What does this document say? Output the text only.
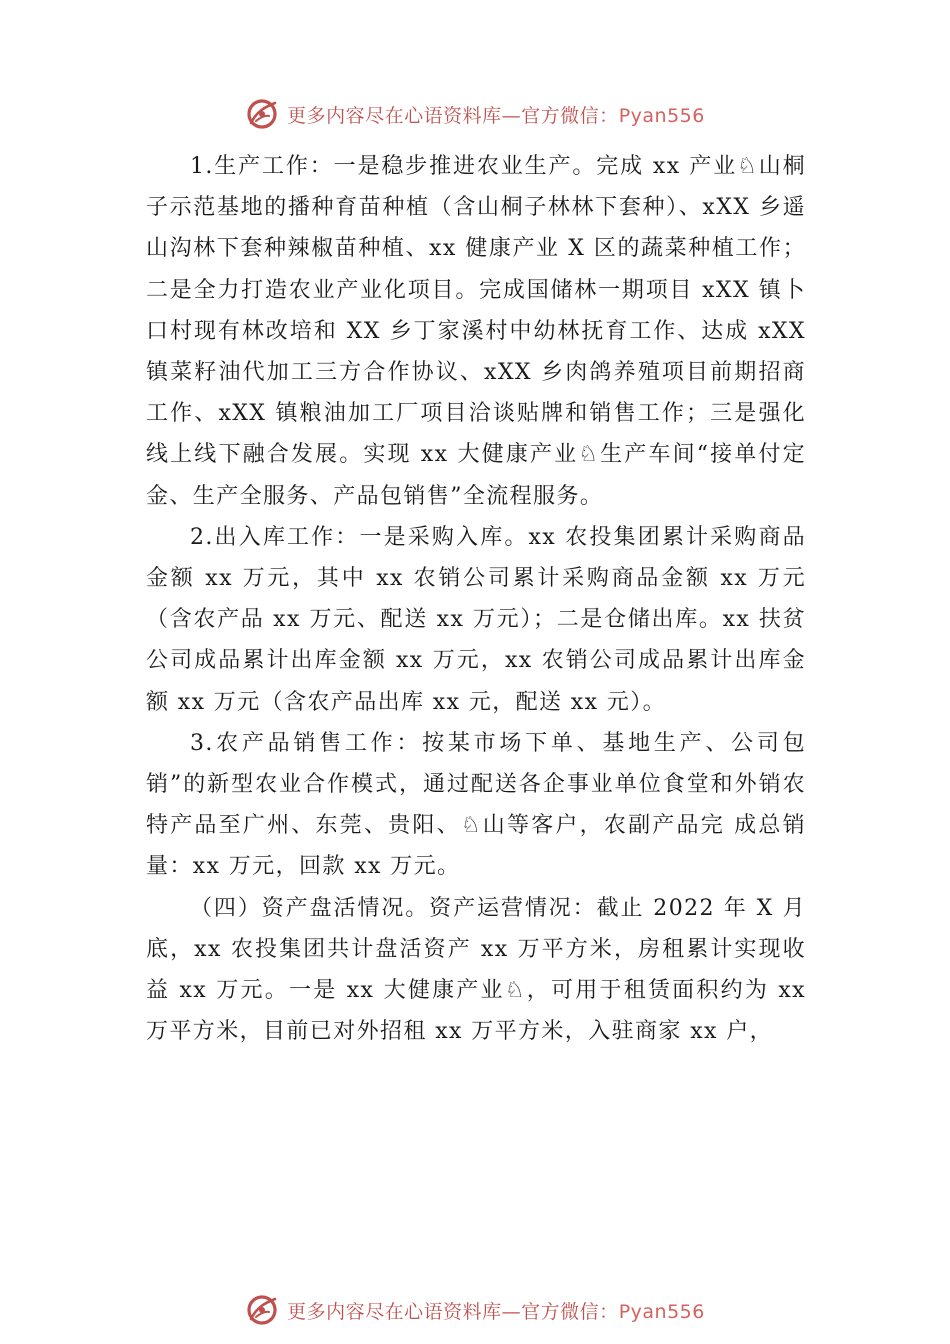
更多内容尽在心语资料库—官方微信：Pyan556

1.生产工作：一是稳步推进农业生产。完成 xx 产业♘山桐子示范基地的播种育苗种植（含山桐子林林下套种）、xXX 乡遥山沟林下套种辣椒苗种植、xx 健康产业 X 区的蔬菜种植工作；二是全力打造农业产业化项目。完成国储林一期项目 xXX 镇卜口村现有林改培和 XX 乡丁家溪村中幼林抚育工作、达成 xXX 镇菜籽油代加工三方合作协议、xXX 乡肉鸽养殖项目前期招商工作、xXX 镇粮油加工厂项目洽谈贴牌和销售工作；三是强化线上线下融合发展。实现 xx 大健康产业♘生产车间“接单付定金、生产全服务、产品包销售”全流程服务。

2.出入库工作：一是采购入库。xx 农投集团累计采购商品金额 xx 万元，其中 xx 农销公司累计采购商品金额 xx 万元（含农产品 xx 万元、配送 xx 万元）；二是仓储出库。xx 扶贫公司成品累计出库金额 xx 万元，xx 农销公司成品累计出库金额 xx 万元（含农产品出库 xx 元，配送 xx 元）。

3.农产品销售工作：按某市场下单、基地生产、公司包销”的新型农业合作模式，通过配送各企事业单位食堂和外销农特产品至广州、东莞、贵阳、♘山等客户，农副产品完 成总销量：xx 万元，回款 xx 万元。

（四）资产盘活情况。资产运营情况：截止 2022 年 X 月底，xx 农投集团共计盘活资产 xx 万平方米，房租累计实现收益 xx 万元。一是 xx 大健康产业♘，可用于租赁面积约为 xx 万平方米，目前已对外招租 xx 万平方米，入驻商家 xx 户，

更多内容尽在心语资料库—官方微信：Pyan556
